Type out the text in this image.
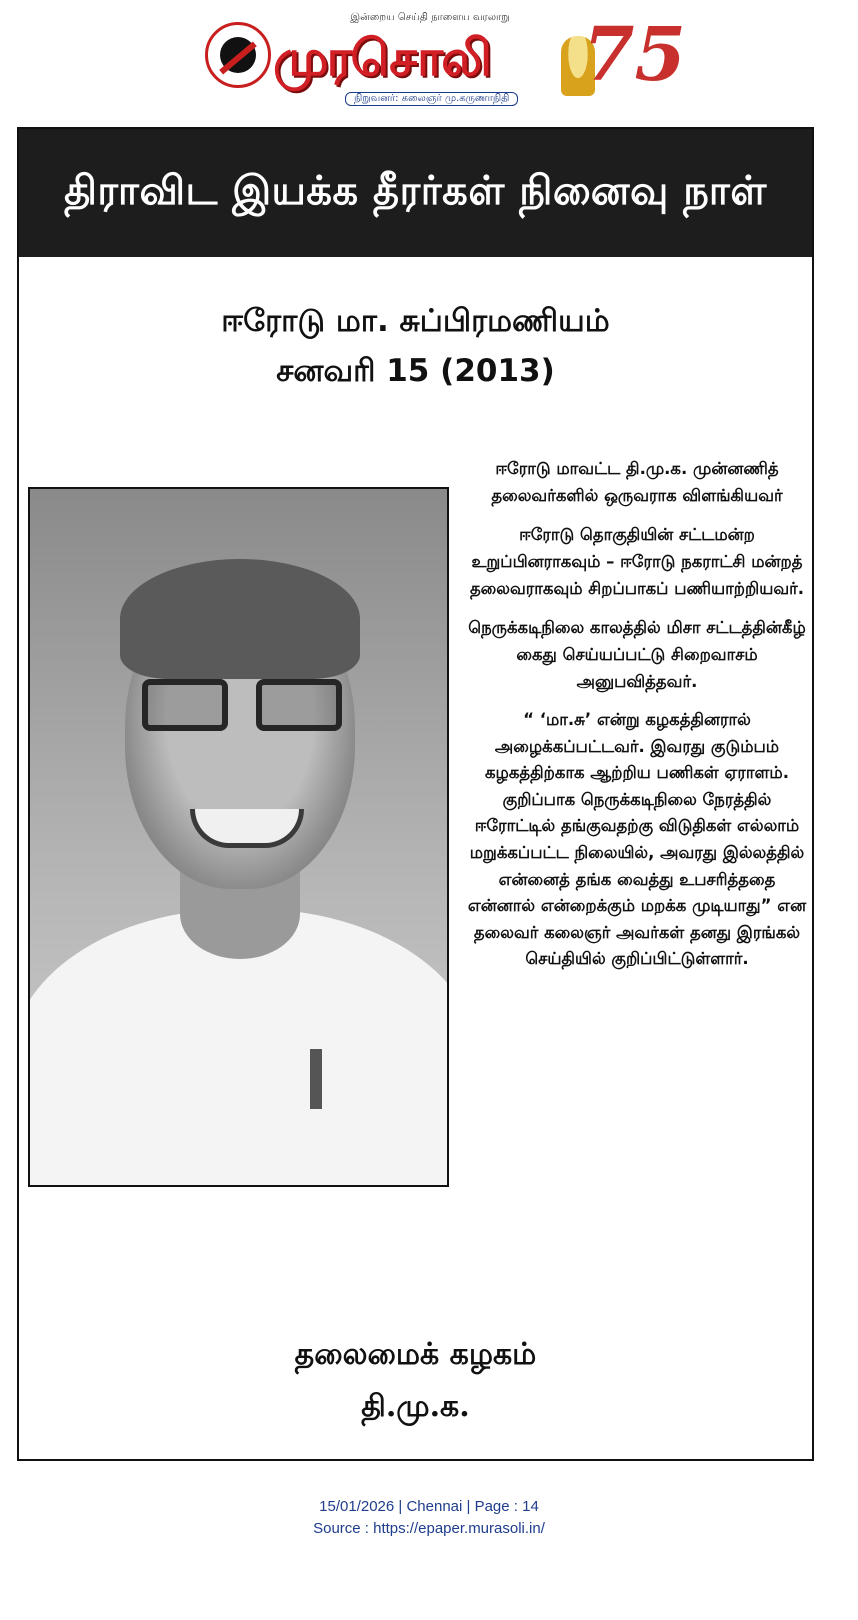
இன்றைய செய்தி நாளைய வரலாறு
முரசொலி
நிறுவனர்: கலைஞர் மு.கருணாநிதி
75
திராவிட இயக்க தீரர்கள் நினைவு நாள்
ஈரோடு மா. சுப்பிரமணியம்
சனவரி 15 (2013)

ஈரோடு மாவட்ட தி.மு.க. முன்னணித் தலைவர்களில் ஒருவராக விளங்கியவர்

ஈரோடு தொகுதியின் சட்டமன்ற உறுப்பினராகவும் – ஈரோடு நகராட்சி மன்றத் தலைவராகவும் சிறப்பாகப் பணியாற்றியவர்.

நெருக்கடிநிலை காலத்தில் மிசா சட்டத்தின்கீழ் கைது செய்யப்பட்டு சிறைவாசம் அனுபவித்தவர்.

“ ‘மா.சு’ என்று கழகத்தினரால் அழைக்கப்பட்டவர். இவரது குடும்பம் கழகத்திற்காக ஆற்றிய பணிகள் ஏராளம். குறிப்பாக நெருக்கடிநிலை நேரத்தில் ஈரோட்டில் தங்குவதற்கு விடுதிகள் எல்லாம் மறுக்கப்பட்ட நிலையில், அவரது இல்லத்தில் என்னைத் தங்க வைத்து உபசரித்ததை என்னால் என்றைக்கும் மறக்க முடியாது” என தலைவர் கலைஞர் அவர்கள் தனது இரங்கல் செய்தியில் குறிப்பிட்டுள்ளார்.

தலைமைக் கழகம்
தி.மு.க.
15/01/2026 | Chennai | Page : 14
Source : https://epaper.murasoli.in/
